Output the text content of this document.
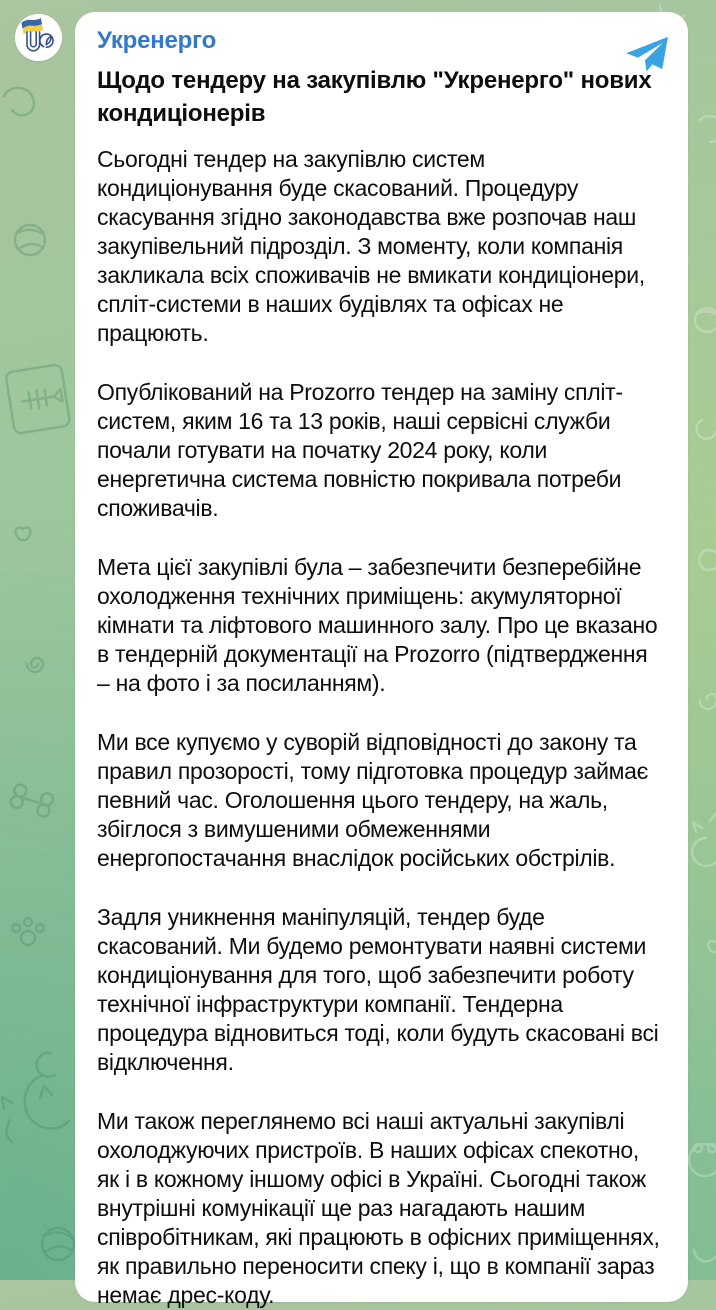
Укренерго
Щодо тендеру на закупівлю "Укренерго" нових кондиціонерів

Сьогодні тендер на закупівлю систем кондиціонування буде скасований. Процедуру скасування згідно законодавства вже розпочав наш закупівельний підрозділ. З моменту, коли компанія закликала всіх споживачів не вмикати кондиціонери, спліт-системи в наших будівлях та офісах не працюють.

Опублікований на Prozorro тендер на заміну спліт-систем, яким 16 та 13 років, наші сервісні служби почали готувати на початку 2024 року, коли енергетична система повністю покривала потреби споживачів.

Мета цієї закупівлі була – забезпечити безперебійне охолодження технічних приміщень: акумуляторної кімнати та ліфтового машинного залу. Про це вказано в тендерній документації на Prozorro (підтвердження – на фото і за посиланням).

Ми все купуємо у суворій відповідності до закону та правил прозорості, тому підготовка процедур займає певний час. Оголошення цього тендеру, на жаль, збіглося з вимушеними обмеженнями енергопостачання внаслідок російських обстрілів.

Задля уникнення маніпуляцій, тендер буде скасований. Ми будемо ремонтувати наявні системи кондиціонування для того, щоб забезпечити роботу технічної інфраструктури компанії. Тендерна процедура відновиться тоді, коли будуть скасовані всі відключення.

Ми також переглянемо всі наші актуальні закупівлі охолоджуючих пристроїв. В наших офісах спекотно, як і в кожному іншому офісі в Україні. Сьогодні також внутрішні комунікації ще раз нагадають нашим співробітникам, які працюють в офісних приміщеннях, як правильно переносити спеку і, що в компанії зараз немає дрес-коду.
